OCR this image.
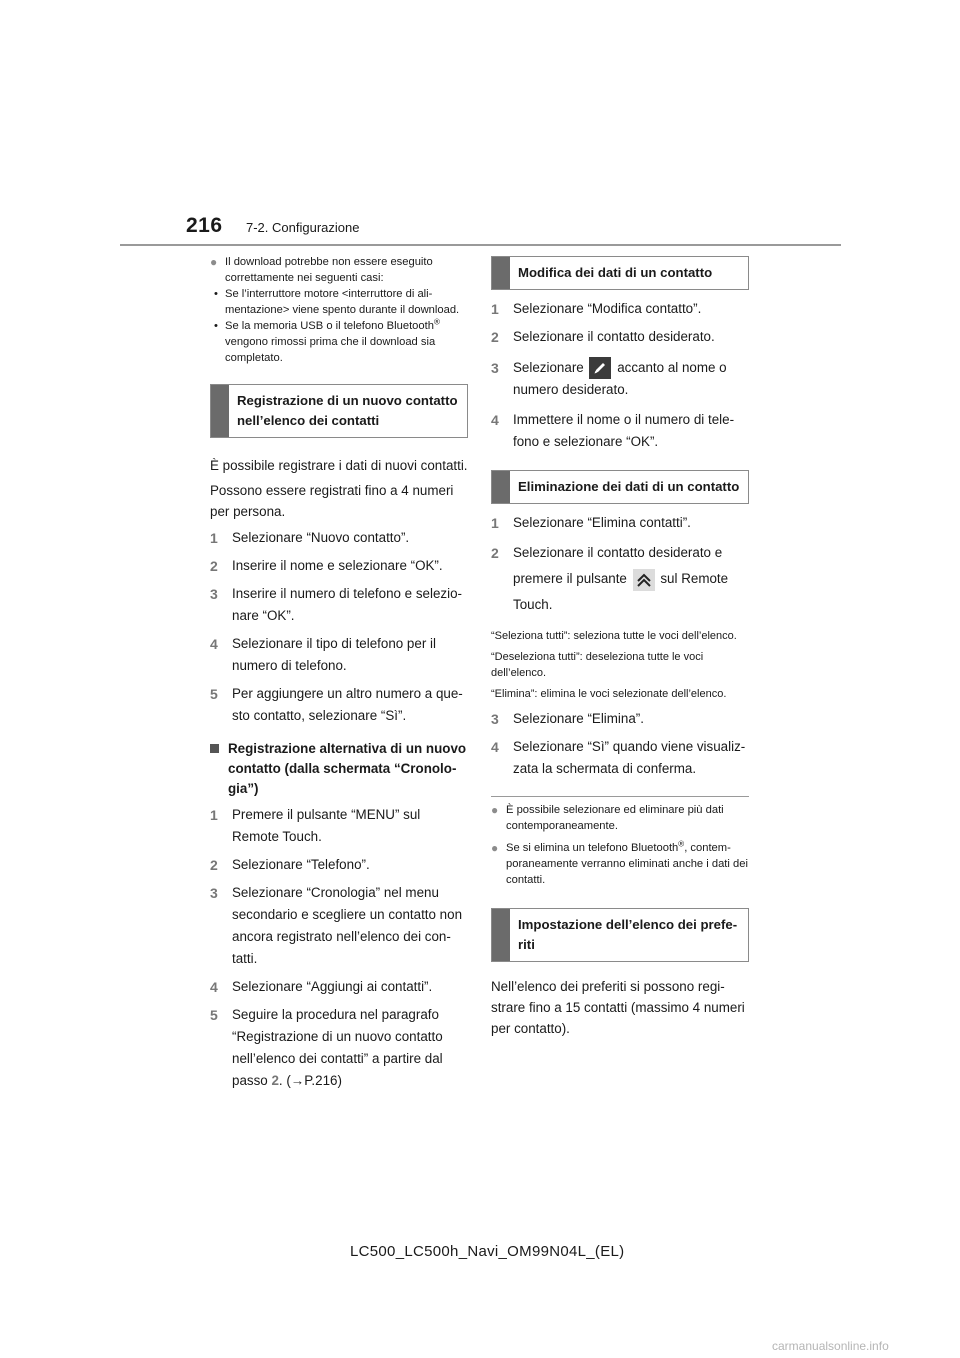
216 7-2. Configurazione
● Il download potrebbe non essere eseguito correttamente nei seguenti casi:
• Se l’interruttore motore <interruttore di ali-mentazione> viene spento durante il download.
• Se la memoria USB o il telefono Bluetooth® vengono rimossi prima che il download sia completato.
Registrazione di un nuovo contatto nell’elenco dei contatti
È possibile registrare i dati di nuovi contatti.
Possono essere registrati fino a 4 numeri per persona.
1 Selezionare “Nuovo contatto”.
2 Inserire il nome e selezionare “OK”.
3 Inserire il numero di telefono e selezio-nare “OK”.
4 Selezionare il tipo di telefono per il numero di telefono.
5 Per aggiungere un altro numero a que-sto contatto, selezionare “Sì”.
Registrazione alternativa di un nuovo contatto (dalla schermata “Cronolo-gia”)
1 Premere il pulsante “MENU” sul Remote Touch.
2 Selezionare “Telefono”.
3 Selezionare “Cronologia” nel menu secondario e scegliere un contatto non ancora registrato nell’elenco dei con-tatti.
4 Selezionare “Aggiungi ai contatti”.
5 Seguire la procedura nel paragrafo “Registrazione di un nuovo contatto nell’elenco dei contatti” a partire dal passo 2. (→P.216)
Modifica dei dati di un contatto
1 Selezionare “Modifica contatto”.
2 Selezionare il contatto desiderato.
3 Selezionare accanto al nome o numero desiderato.
4 Immettere il nome o il numero di tele-fono e selezionare “OK”.
Eliminazione dei dati di un contatto
1 Selezionare “Elimina contatti”.
2 Selezionare il contatto desiderato e premere il pulsante sul Remote Touch.
“Seleziona tutti”: seleziona tutte le voci dell’elenco.
“Deseleziona tutti”: deseleziona tutte le voci dell’elenco.
“Elimina”: elimina le voci selezionate dell’elenco.
3 Selezionare “Elimina”.
4 Selezionare “Sì” quando viene visualiz-zata la schermata di conferma.
● È possibile selezionare ed eliminare più dati contemporaneamente.
● Se si elimina un telefono Bluetooth®, contem-poraneamente verranno eliminati anche i dati dei contatti.
Impostazione dell’elenco dei prefe-riti
Nell’elenco dei preferiti si possono regi-strare fino a 15 contatti (massimo 4 numeri per contatto).
LC500_LC500h_Navi_OM99N04L_(EL)
carmanualsonline.info
